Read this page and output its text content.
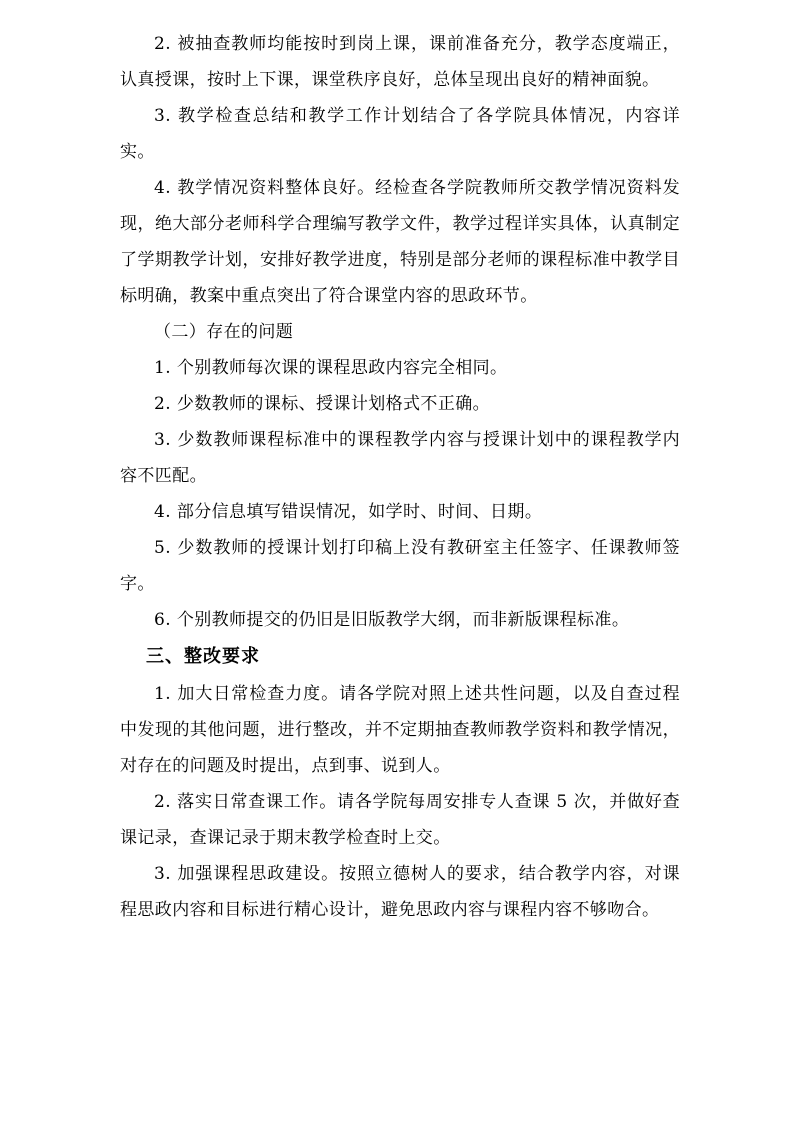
2. 被抽查教师均能按时到岗上课，课前准备充分，教学态度端正，认真授课，按时上下课，课堂秩序良好，总体呈现出良好的精神面貌。

3. 教学检查总结和教学工作计划结合了各学院具体情况，内容详实。

4. 教学情况资料整体良好。经检查各学院教师所交教学情况资料发现，绝大部分老师科学合理编写教学文件，教学过程详实具体，认真制定了学期教学计划，安排好教学进度，特别是部分老师的课程标准中教学目标明确，教案中重点突出了符合课堂内容的思政环节。

（二）存在的问题

1. 个别教师每次课的课程思政内容完全相同。

2. 少数教师的课标、授课计划格式不正确。

3. 少数教师课程标准中的课程教学内容与授课计划中的课程教学内容不匹配。

4. 部分信息填写错误情况，如学时、时间、日期。

5. 少数教师的授课计划打印稿上没有教研室主任签字、任课教师签字。

6. 个别教师提交的仍旧是旧版教学大纲，而非新版课程标准。

三、整改要求

1. 加大日常检查力度。请各学院对照上述共性问题，以及自查过程中发现的其他问题，进行整改，并不定期抽查教师教学资料和教学情况，对存在的问题及时提出，点到事、说到人。

2. 落实日常查课工作。请各学院每周安排专人查课 5 次，并做好查课记录，查课记录于期末教学检查时上交。

3. 加强课程思政建设。按照立德树人的要求，结合教学内容，对课程思政内容和目标进行精心设计，避免思政内容与课程内容不够吻合。
